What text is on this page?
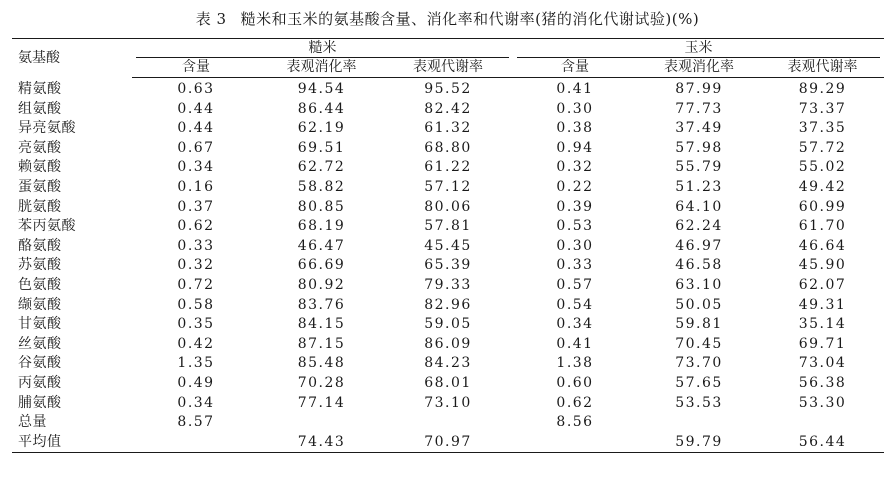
表 3 糙米和玉米的氨基酸含量、消化率和代谢率(猪的消化代谢试验)(%)
氨基酸	糙米			玉米		

	含量	表观消化率	表观代谢率	含量	表观消化率	表观代谢率
精氨酸	0.63	94.54	95.52	0.41	87.99	89.29
组氨酸	0.44	86.44	82.42	0.30	77.73	73.37
异亮氨酸	0.44	62.19	61.32	0.38	37.49	37.35
亮氨酸	0.67	69.51	68.80	0.94	57.98	57.72
赖氨酸	0.34	62.72	61.22	0.32	55.79	55.02
蛋氨酸	0.16	58.82	57.12	0.22	51.23	49.42
胱氨酸	0.37	80.85	80.06	0.39	64.10	60.99
苯丙氨酸	0.62	68.19	57.81	0.53	62.24	61.70
酪氨酸	0.33	46.47	45.45	0.30	46.97	46.64
苏氨酸	0.32	66.69	65.39	0.33	46.58	45.90
色氨酸	0.72	80.92	79.33	0.57	63.10	62.07
缬氨酸	0.58	83.76	82.96	0.54	50.05	49.31
甘氨酸	0.35	84.15	59.05	0.34	59.81	35.14
丝氨酸	0.42	87.15	86.09	0.41	70.45	69.71
谷氨酸	1.35	85.48	84.23	1.38	73.70	73.04
丙氨酸	0.49	70.28	68.01	0.60	57.65	56.38
脯氨酸	0.34	77.14	73.10	0.62	53.53	53.30
总量	8.57			8.56		
平均值		74.43	70.97		59.79	56.44
